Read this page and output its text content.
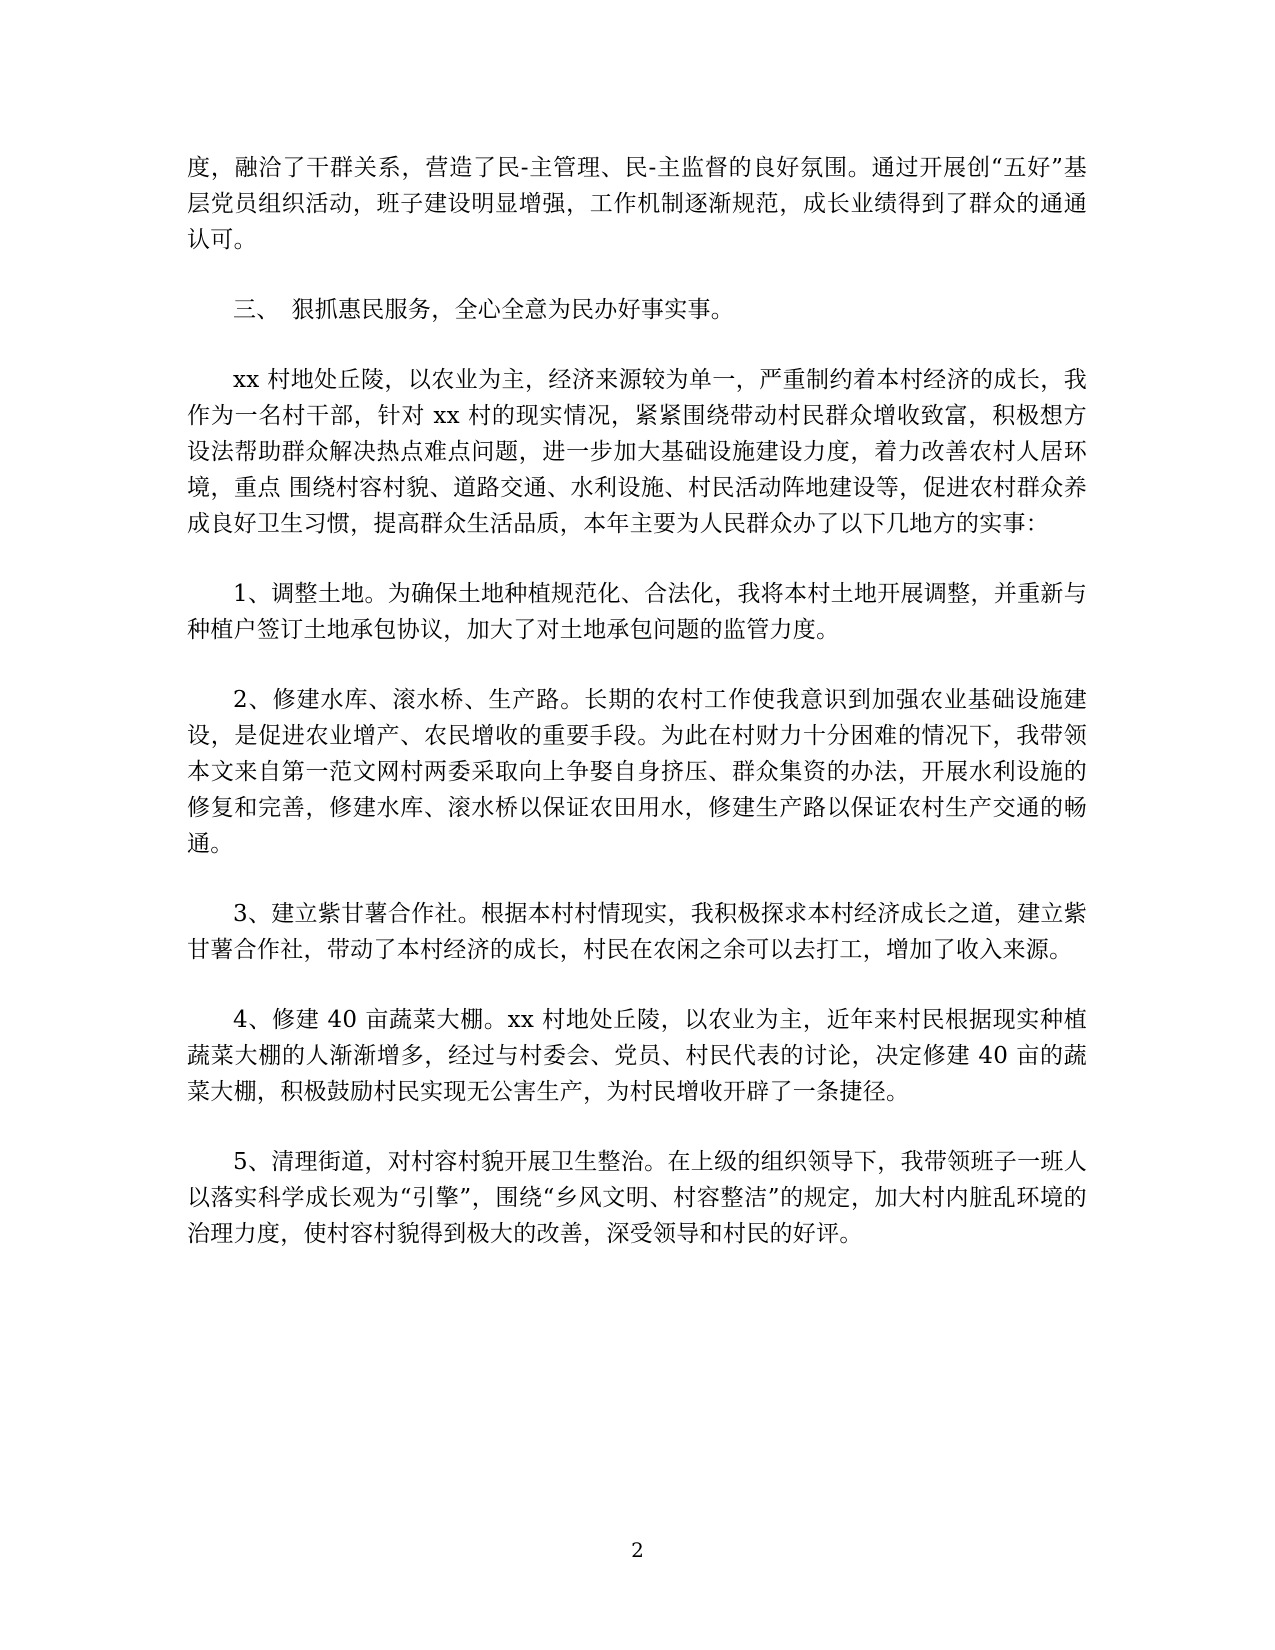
度，融洽了干群关系，营造了民-主管理、民-主监督的良好氛围。通过开展创“五好”基层党员组织活动，班子建设明显增强，工作机制逐渐规范，成长业绩得到了群众的通通认可。

三、　狠抓惠民服务，全心全意为民办好事实事。

xx 村地处丘陵，以农业为主，经济来源较为单一，严重制约着本村经济的成长，我作为一名村干部，针对 xx 村的现实情况，紧紧围绕带动村民群众增收致富，积极想方设法帮助群众解决热点难点问题，进一步加大基础设施建设力度，着力改善农村人居环境，重点 围绕村容村貌、道路交通、水利设施、村民活动阵地建设等，促进农村群众养成良好卫生习惯，提高群众生活品质，本年主要为人民群众办了以下几地方的实事：

1、调整土地。为确保土地种植规范化、合法化，我将本村土地开展调整，并重新与种植户签订土地承包协议，加大了对土地承包问题的监管力度。

2、修建水库、滚水桥、生产路。长期的农村工作使我意识到加强农业基础设施建设，是促进农业增产、农民增收的重要手段。为此在村财力十分困难的情况下，我带领本文来自第一范文网村两委采取向上争娶自身挤压、群众集资的办法，开展水利设施的修复和完善，修建水库、滚水桥以保证农田用水，修建生产路以保证农村生产交通的畅通。

3、建立紫甘薯合作社。根据本村村情现实，我积极探求本村经济成长之道，建立紫甘薯合作社，带动了本村经济的成长，村民在农闲之余可以去打工，增加了收入来源。

4、修建 40 亩蔬菜大棚。xx 村地处丘陵，以农业为主，近年来村民根据现实种植蔬菜大棚的人渐渐增多，经过与村委会、党员、村民代表的讨论，决定修建 40 亩的蔬菜大棚，积极鼓励村民实现无公害生产，为村民增收开辟了一条捷径。

5、清理街道，对村容村貌开展卫生整治。在上级的组织领导下，我带领班子一班人以落实科学成长观为“引擎”，围绕“乡风文明、村容整洁”的规定，加大村内脏乱环境的治理力度，使村容村貌得到极大的改善，深受领导和村民的好评。

2
